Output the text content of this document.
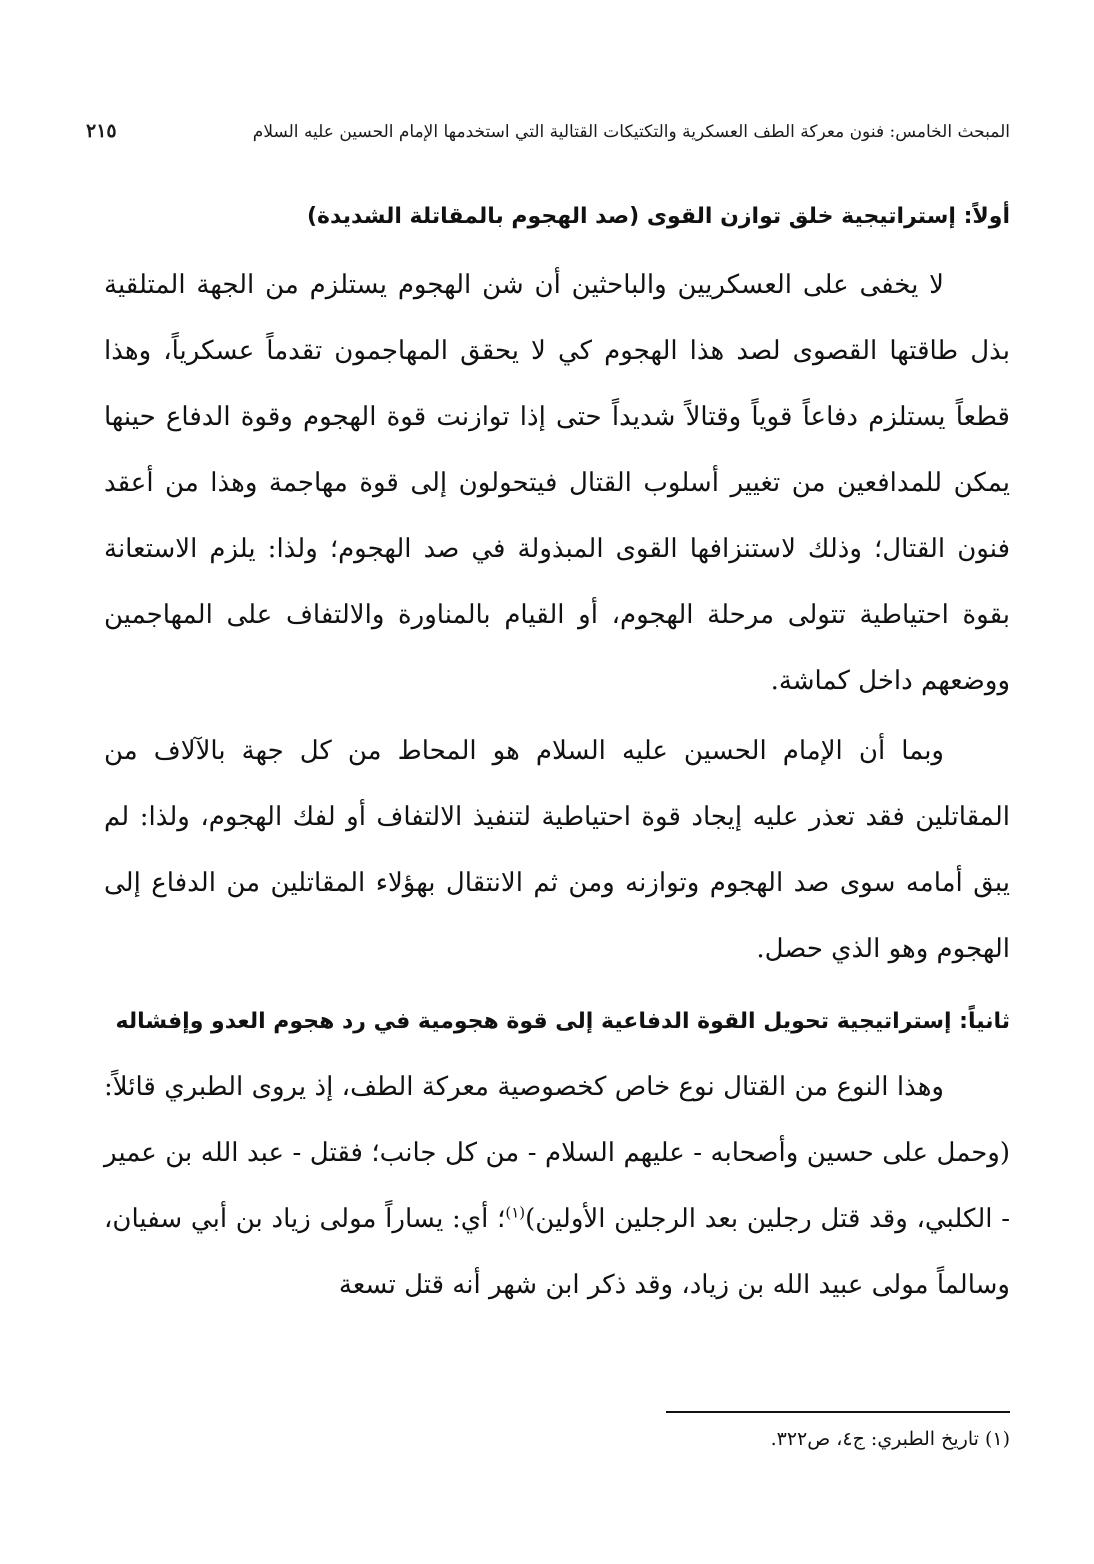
المبحث الخامس: فنون معركة الطف العسكرية والتكتيكات القتالية التي استخدمها الإمام الحسين عليه السلام
٢١٥
أولاً: إستراتيجية خلق توازن القوى (صد الهجوم بالمقاتلة الشديدة)

لا يخفى على العسكريين والباحثين أن شن الهجوم يستلزم من الجهة المتلقية بذل طاقتها القصوى لصد هذا الهجوم كي لا يحقق المهاجمون تقدماً عسكرياً، وهذا قطعاً يستلزم دفاعاً قوياً وقتالاً شديداً حتى إذا توازنت قوة الهجوم وقوة الدفاع حينها يمكن للمدافعين من تغيير أسلوب القتال فيتحولون إلى قوة مهاجمة وهذا من أعقد فنون القتال؛ وذلك لاستنزافها القوى المبذولة في صد الهجوم؛ ولذا: يلزم الاستعانة بقوة احتياطية تتولى مرحلة الهجوم، أو القيام بالمناورة والالتفاف على المهاجمين ووضعهم داخل كماشة.

وبما أن الإمام الحسين عليه السلام هو المحاط من كل جهة بالآلاف من المقاتلين فقد تعذر عليه إيجاد قوة احتياطية لتنفيذ الالتفاف أو لفك الهجوم، ولذا: لم يبق أمامه سوى صد الهجوم وتوازنه ومن ثم الانتقال بهؤلاء المقاتلين من الدفاع إلى الهجوم وهو الذي حصل.

ثانياً: إستراتيجية تحويل القوة الدفاعية إلى قوة هجومية في رد هجوم العدو وإفشاله

وهذا النوع من القتال نوع خاص كخصوصية معركة الطف، إذ يروى الطبري قائلاً: (وحمل على حسين وأصحابه - عليهم السلام - من كل جانب؛ فقتل - عبد الله بن عمير - الكلبي، وقد قتل رجلين بعد الرجلين الأولين)$^{(١)}$؛ أي: يساراً مولى زياد بن أبي سفيان، وسالماً مولى عبيد الله بن زياد، وقد ذكر ابن شهر أنه قتل تسعة

(١) تاريخ الطبري: ج٤، ص٣٢٢.
